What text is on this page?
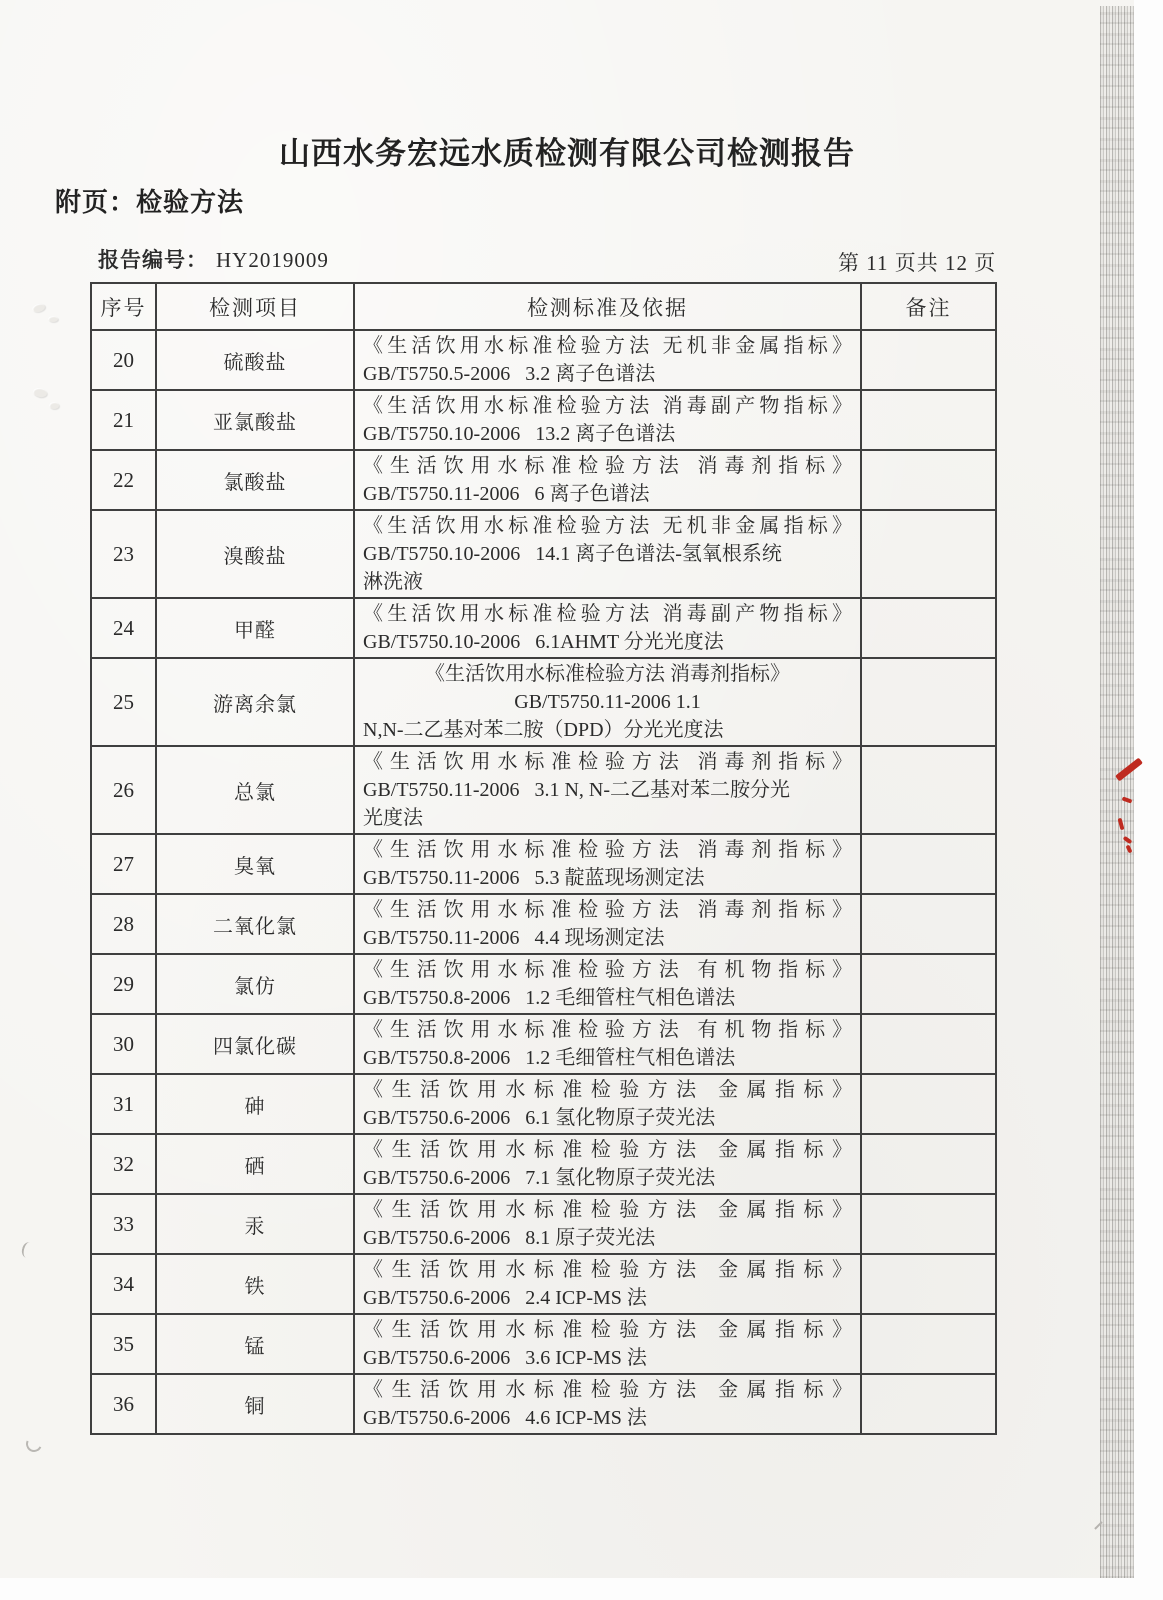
山西水务宏远水质检测有限公司检测报告
附页：检验方法
报告编号： HY2019009	第 11 页共 12 页
序号	检测项目	检测标准及依据	备注
20	硫酸盐	《生活饮用水标准检验方法 无机非金属指标》
GB/T5750.5-2006   3.2 离子色谱法	

21	亚氯酸盐	《生活饮用水标准检验方法 消毒副产物指标》
GB/T5750.10-2006   13.2 离子色谱法	

22	氯酸盐	《生活饮用水标准检验方法 消毒剂指标》
GB/T5750.11-2006   6 离子色谱法	

23	溴酸盐	《生活饮用水标准检验方法 无机非金属指标》
GB/T5750.10-2006   14.1 离子色谱法-氢氧根系统
淋洗液	

24	甲醛	《生活饮用水标准检验方法 消毒副产物指标》
GB/T5750.10-2006   6.1AHMT 分光光度法	

25	游离余氯	《生活饮用水标准检验方法 消毒剂指标》
GB/T5750.11-2006 1.1
N,N-二乙基对苯二胺（DPD）分光光度法	

26	总氯	《生活饮用水标准检验方法 消毒剂指标》
GB/T5750.11-2006   3.1 N, N-二乙基对苯二胺分光
光度法	

27	臭氧	《生活饮用水标准检验方法 消毒剂指标》
GB/T5750.11-2006   5.3 靛蓝现场测定法	

28	二氧化氯	《生活饮用水标准检验方法 消毒剂指标》
GB/T5750.11-2006   4.4 现场测定法	

29	氯仿	《生活饮用水标准检验方法 有机物指标》
GB/T5750.8-2006   1.2 毛细管柱气相色谱法	

30	四氯化碳	《生活饮用水标准检验方法 有机物指标》
GB/T5750.8-2006   1.2 毛细管柱气相色谱法	

31	砷	《生活饮用水标准检验方法 金属指标》
GB/T5750.6-2006   6.1 氢化物原子荧光法	

32	硒	《生活饮用水标准检验方法 金属指标》
GB/T5750.6-2006   7.1 氢化物原子荧光法	

33	汞	《生活饮用水标准检验方法 金属指标》
GB/T5750.6-2006   8.1 原子荧光法	

34	铁	《生活饮用水标准检验方法 金属指标》
GB/T5750.6-2006   2.4 ICP-MS 法	

35	锰	《生活饮用水标准检验方法 金属指标》
GB/T5750.6-2006   3.6 ICP-MS 法	

36	铜	《生活饮用水标准检验方法 金属指标》
GB/T5750.6-2006   4.6 ICP-MS 法	
